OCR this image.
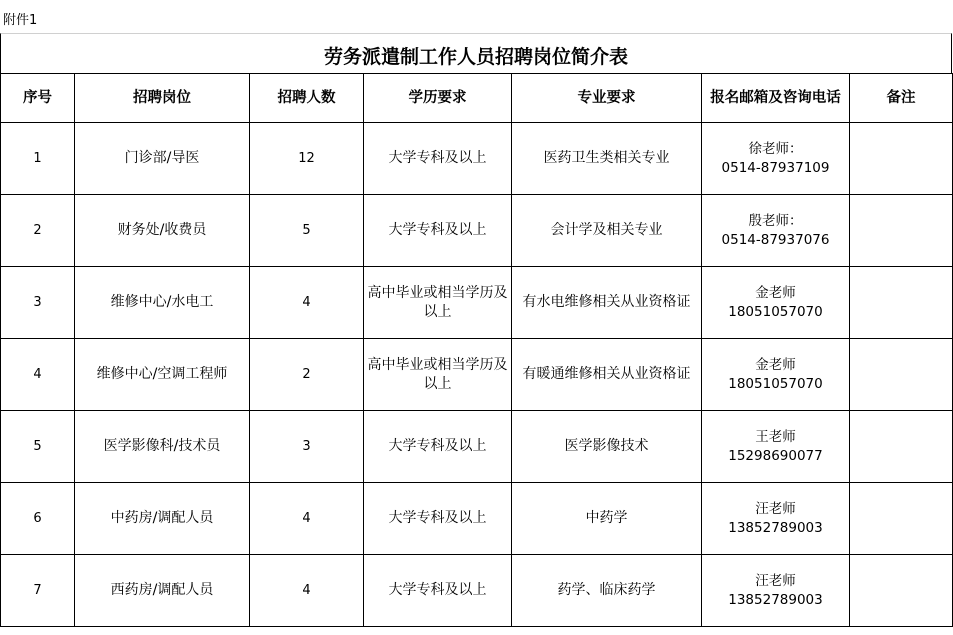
附件1
劳务派遣制工作人员招聘岗位简介表
序号	招聘岗位	招聘人数	学历要求	专业要求	报名邮箱及咨询电话	备注
1	门诊部/导医	12	大学专科及以上	医药卫生类相关专业	徐老师：
0514-87937109	

2	财务处/收费员	5	大学专科及以上	会计学及相关专业	殷老师：
0514-87937076	

3	维修中心/水电工	4	高中毕业或相当学历及以上	有水电维修相关从业资格证	金老师
18051057070	

4	维修中心/空调工程师	2	高中毕业或相当学历及以上	有暖通维修相关从业资格证	金老师
18051057070	

5	医学影像科/技术员	3	大学专科及以上	医学影像技术	王老师
15298690077	

6	中药房/调配人员	4	大学专科及以上	中药学	汪老师
13852789003	

7	西药房/调配人员	4	大学专科及以上	药学、临床药学	汪老师
13852789003	
